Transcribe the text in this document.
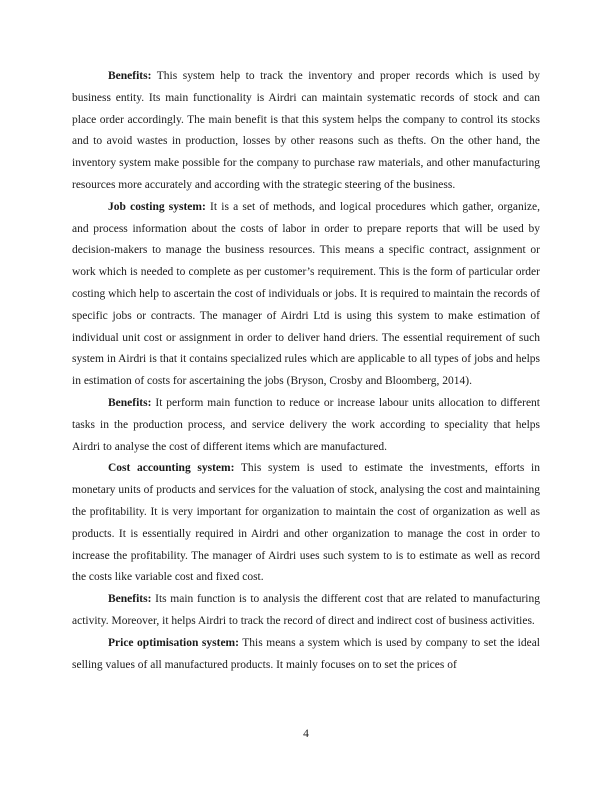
Benefits: This system help to track the inventory and proper records which is used by business entity. Its main functionality is Airdri can maintain systematic records of stock and can place order accordingly. The main benefit is that this system helps the company to control its stocks and to avoid wastes in production, losses by other reasons such as thefts. On the other hand, the inventory system make possible for the company to purchase raw materials, and other manufacturing resources more accurately and according with the strategic steering of the business.

Job costing system: It is a set of methods, and logical procedures which gather, organize, and process information about the costs of labor in order to prepare reports that will be used by decision-makers to manage the business resources. This means a specific contract, assignment or work which is needed to complete as per customer’s requirement. This is the form of particular order costing which help to ascertain the cost of individuals or jobs. It is required to maintain the records of specific jobs or contracts. The manager of Airdri Ltd is using this system to make estimation of individual unit cost or assignment in order to deliver hand driers. The essential requirement of such system in Airdri is that it contains specialized rules which are applicable to all types of jobs and helps in estimation of costs for ascertaining the jobs (Bryson, Crosby and Bloomberg, 2014).

Benefits: It perform main function to reduce or increase labour units allocation to different tasks in the production process, and service delivery the work according to speciality that helps Airdri to analyse the cost of different items which are manufactured.

Cost accounting system: This system is used to estimate the investments, efforts in monetary units of products and services for the valuation of stock, analysing the cost and maintaining the profitability. It is very important for organization to maintain the cost of organization as well as products. It is essentially required in Airdri and other organization to manage the cost in order to increase the profitability. The manager of Airdri uses such system to is to estimate as well as record the costs like variable cost and fixed cost.

Benefits: Its main function is to analysis the different cost that are related to manufacturing activity. Moreover, it helps Airdri to track the record of direct and indirect cost of business activities.

Price optimisation system: This means a system which is used by company to set the ideal selling values of all manufactured products. It mainly focuses on to set the prices of

4
